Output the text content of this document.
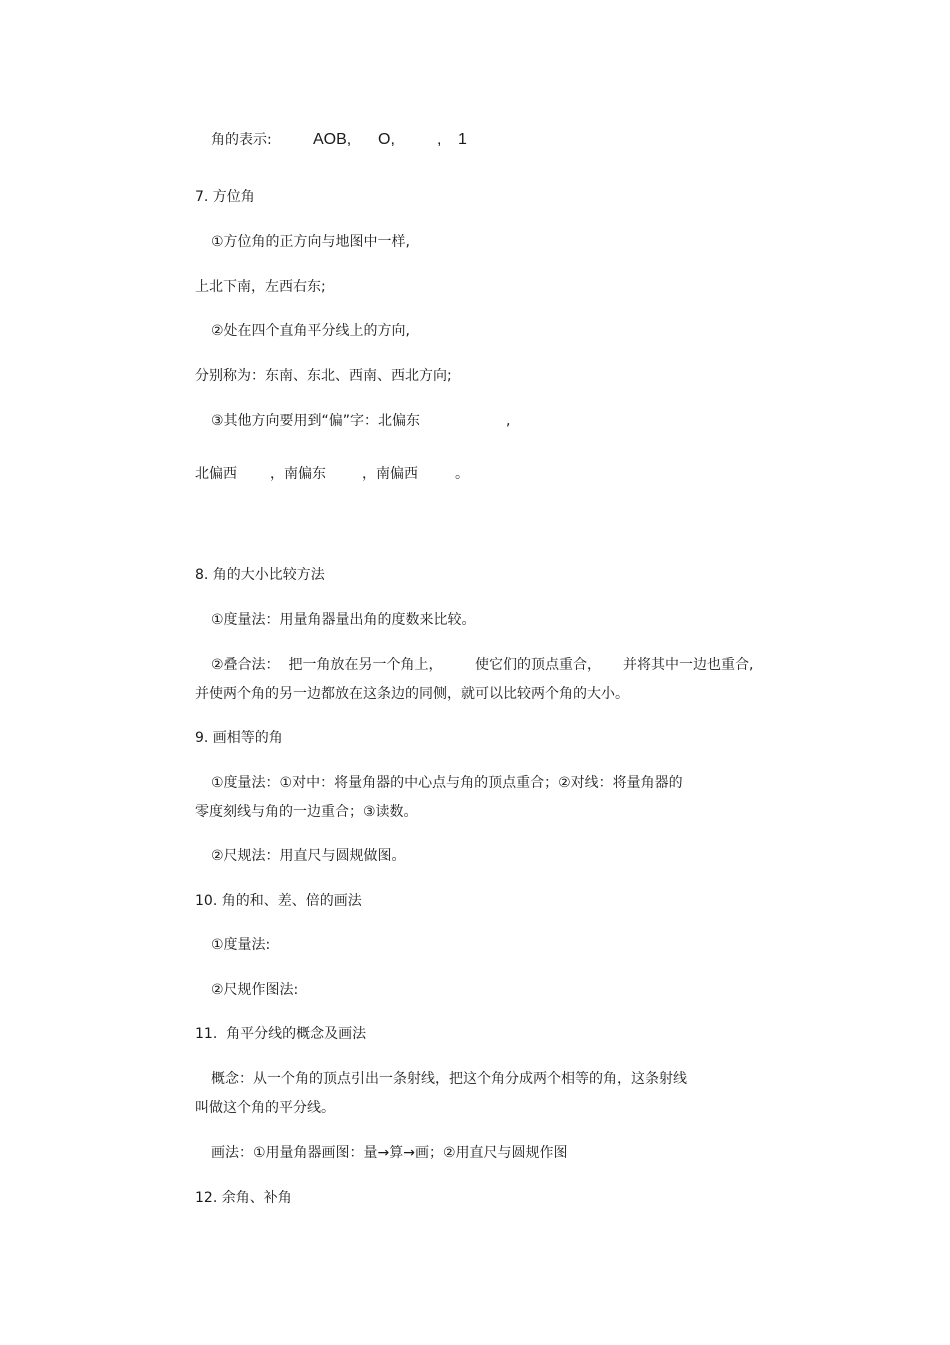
角的表示:	AOB, O,	, 1
7. 方位角
①方位角的正方向与地图中一样,
上北下南，左西右东;
②处在四个直角平分线上的方向,
分别称为：东南、东北、西南、西北方向;
③其他方向要用到“偏”字：北偏东	,
北偏西 ，南偏东	，南偏西	。
8. 角的大小比较方法
①度量法：用量角器量出角的度数来比较。
②叠合法：  把一角放在另一个角上， 使它们的顶点重合， 并将其中一边也重合,
并使两个角的另一边都放在这条边的同侧，就可以比较两个角的大小。
9. 画相等的角
①度量法：①对中：将量角器的中心点与角的顶点重合；②对线：将量角器的
零度刻线与角的一边重合；③读数。
②尺规法：用直尺与圆规做图。
10. 角的和、差、倍的画法
①度量法:
②尺规作图法:
11.  角平分线的概念及画法
概念：从一个角的顶点引出一条射线，把这个角分成两个相等的角，这条射线
叫做这个角的平分线。
画法：①用量角器画图：量→算→画；②用直尺与圆规作图
12. 余角、补角
